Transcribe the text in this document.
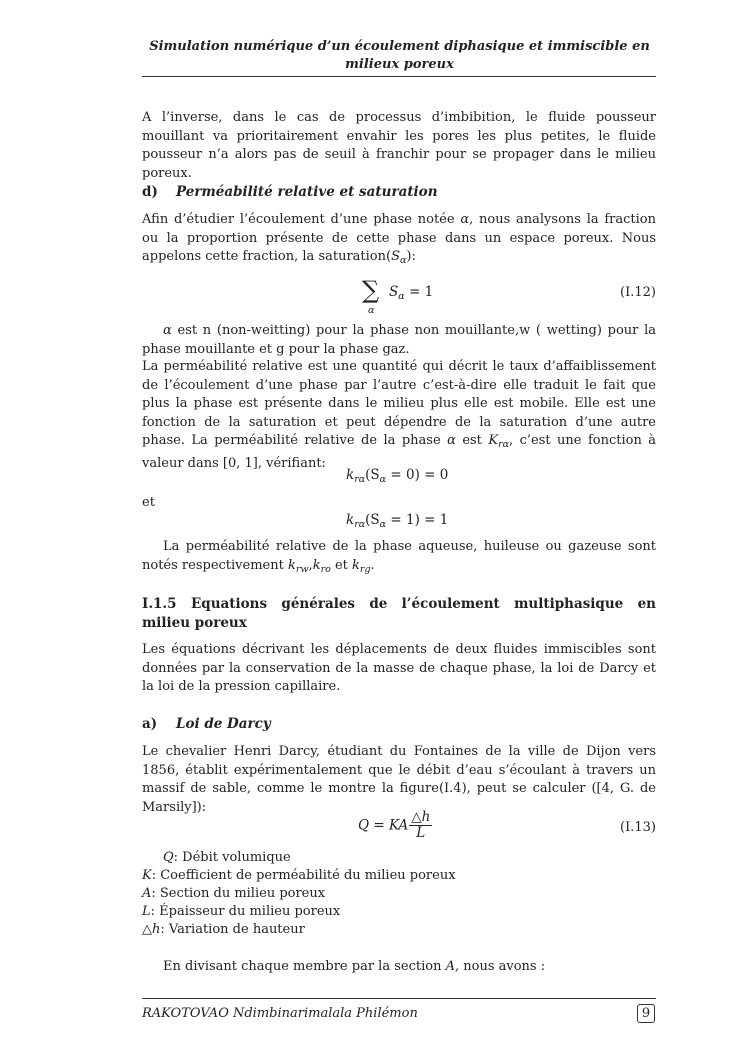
Simulation numérique d’un écoulement diphasique et immiscible en
milieux poreux
A l’inverse, dans le cas de processus d’imbibition, le fluide pousseur mouillant va prioritairement envahir les pores les plus petites, le fluide pousseur n’a alors pas de seuil à franchir pour se propager dans le milieu poreux.
d) Perméabilité relative et saturation
Afin d’étudier l’écoulement d’une phase notée α, nous analysons la fraction ou la proportion présente de cette phase dans un espace poreux. Nous appelons cette fraction, la $saturation(S_\alpha)$:
∑
α
$S_\alpha = 1$	(I.12)
α est n (non-weitting) pour la phase non mouillante,w ( wetting) pour la phase mouillante et g pour la phase gaz.
La perméabilité relative est une quantité qui décrit le taux d’affaiblissement de l’écoulement d’une phase par l’autre c’est-à-dire elle traduit le fait que plus la phase est présente dans le milieu plus elle est mobile. Elle est une fonction de la saturation et peut dépendre de la saturation d’une autre phase. La perméabilité relative de la phase α est $K_{r\alpha}$, c’est une fonction à valeur dans [0, 1], vérifiant:
$k_{r\alpha}(S_\alpha = 0) = 0$
et
$k_{r\alpha}(S_\alpha = 1) = 1$
La perméabilité relative de la phase aqueuse, huileuse ou gazeuse sont notés respectivement $k_{rw},k_{ro}$ et $k_{rg}$.
I.1.5 Equations générales de l’écoulement multiphasique en milieu poreux
Les équations décrivant les déplacements de deux fluides immiscibles sont données par la conservation de la masse de chaque phase, la loi de Darcy et la loi de la pression capillaire.
a) Loi de Darcy
Le chevalier Henri Darcy, étudiant du Fontaines de la ville de Dijon vers 1856, établit expérimentalement que le débit d’eau s’écoulant à travers un massif de sable, comme le montre la figure(I.4), peut se calculer ([4, G. de Marsily]):
Q = KA $\frac{\triangle h}{L}$	(I.13)
Q: Débit volumique
K: Coefficient de perméabilité du milieu poreux
A: Section du milieu poreux
L: Épaisseur du milieu poreux
△h: Variation de hauteur
En divisant chaque membre par la section A, nous avons :
RAKOTOVAO Ndimbinarimalala Philémon	9
